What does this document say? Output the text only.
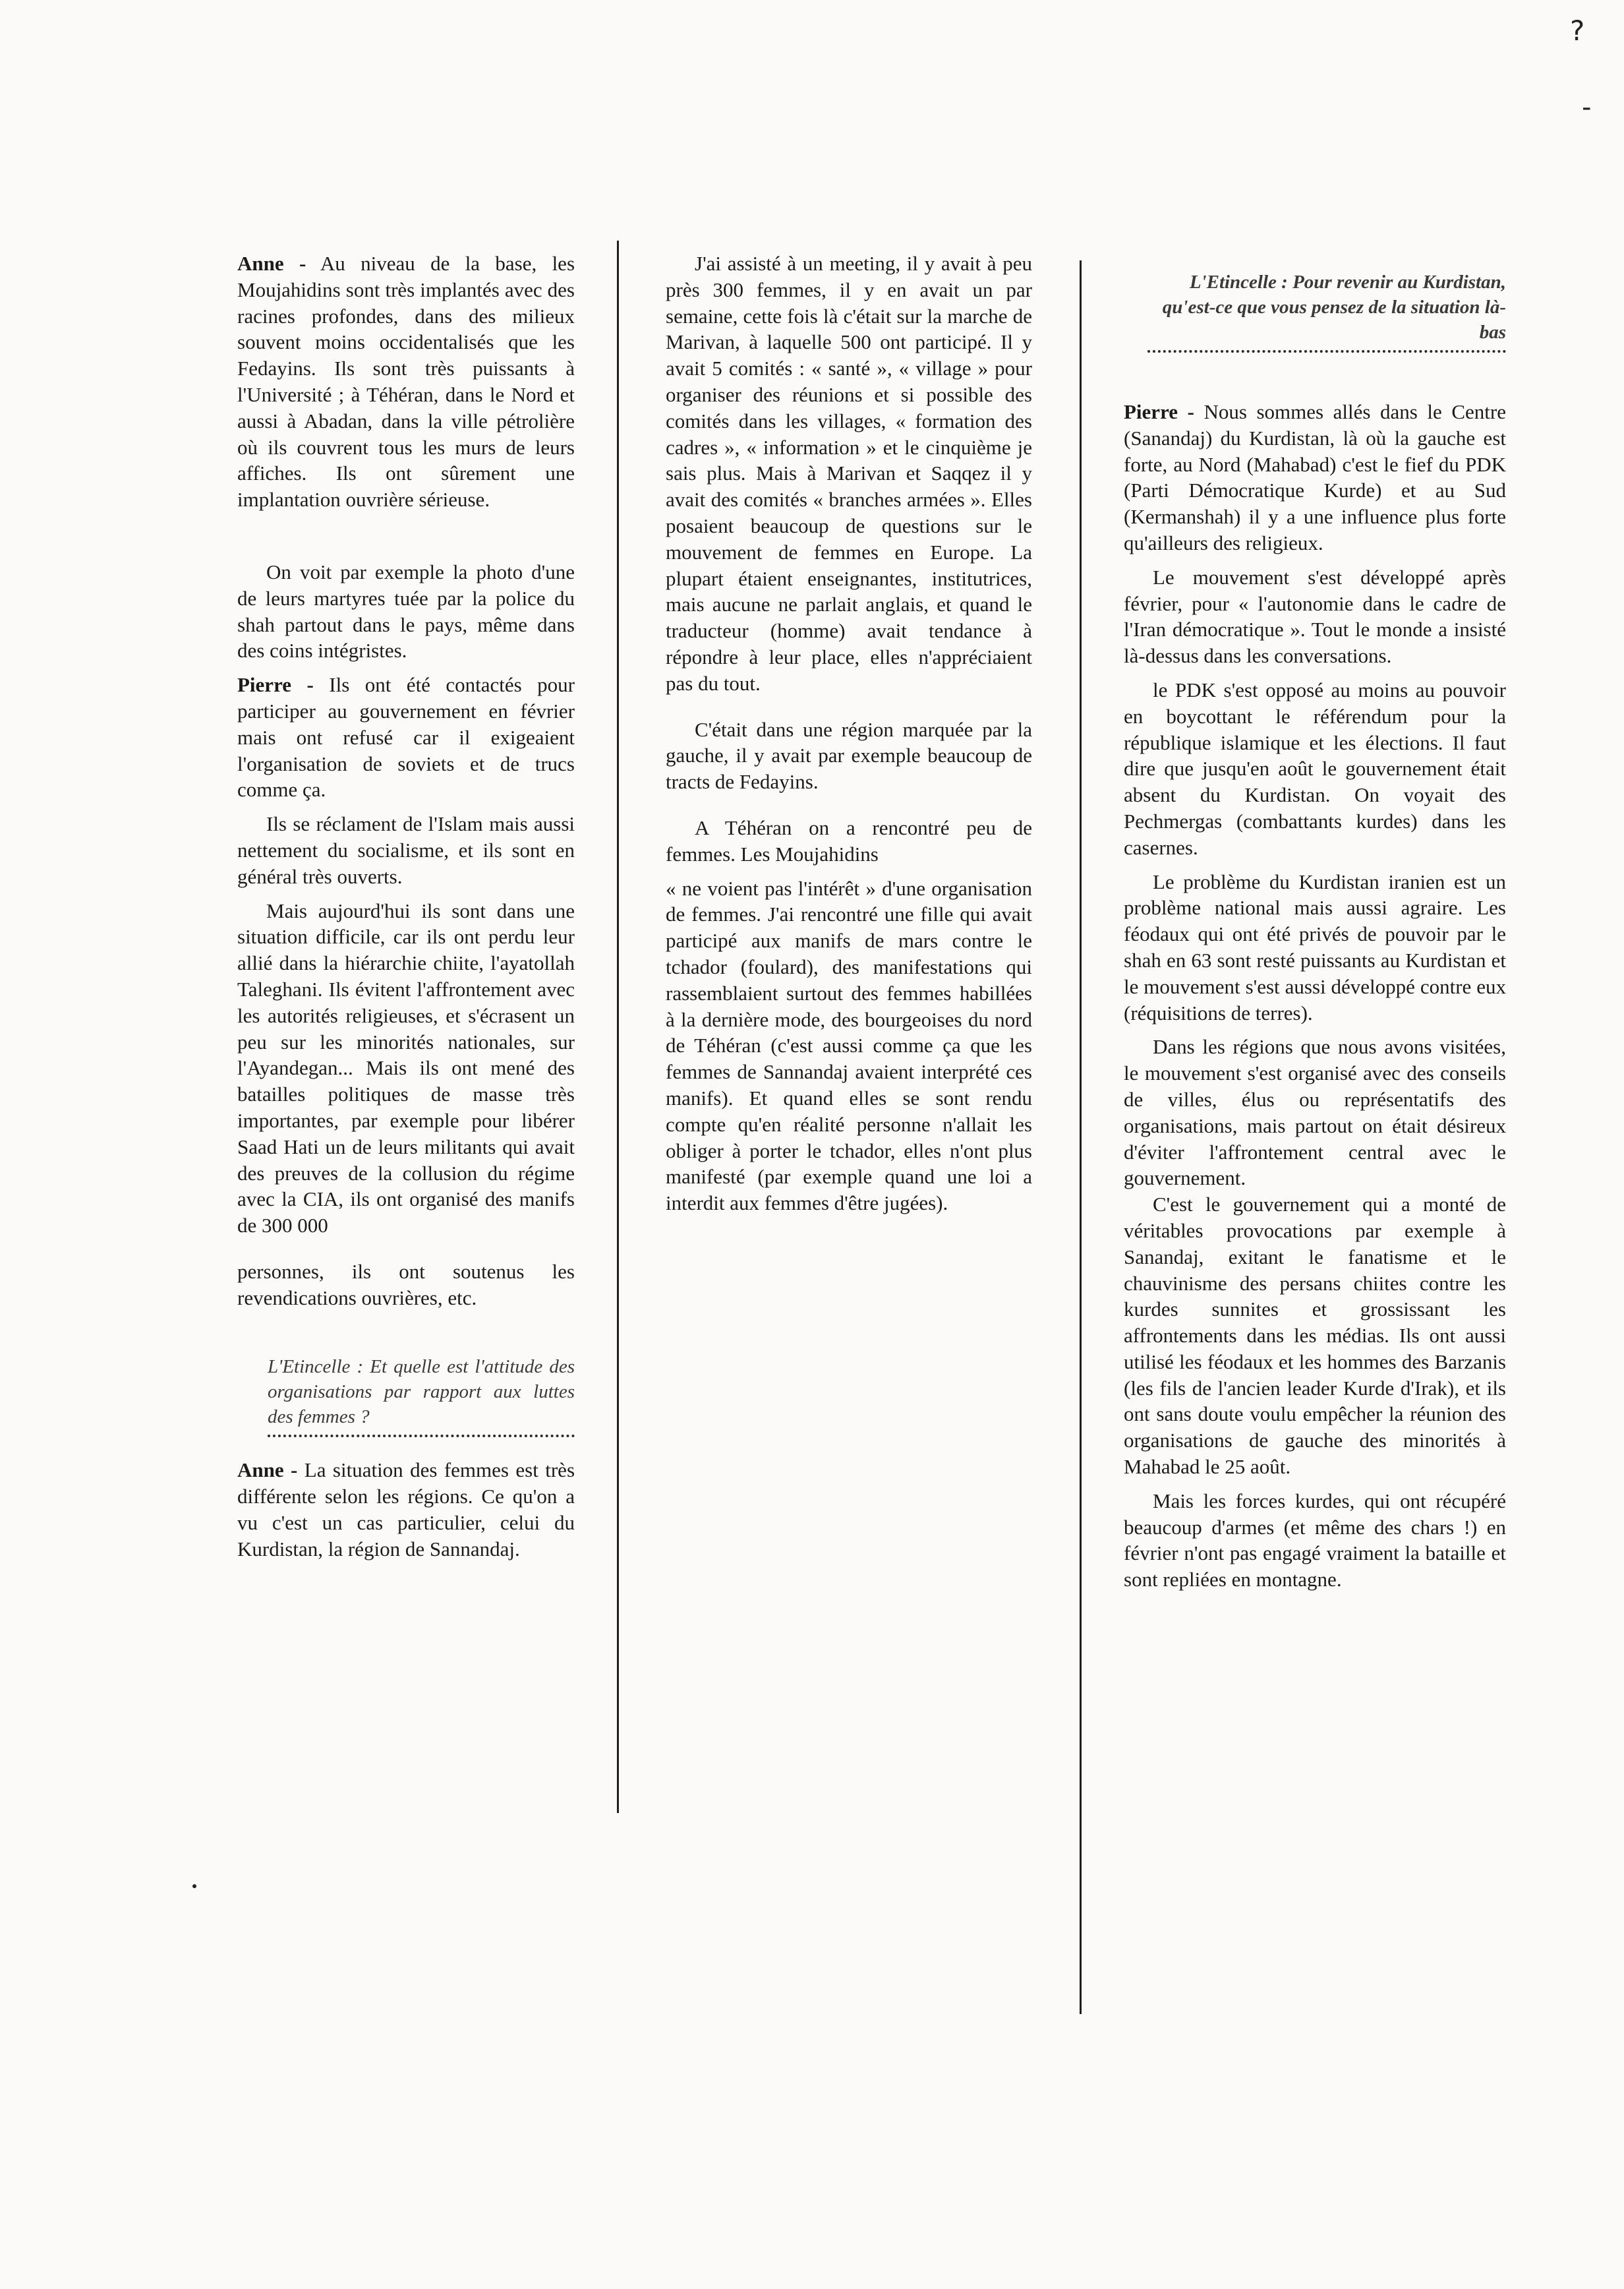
?
-

Anne - Au niveau de la base, les Moujahidins sont très implantés avec des racines profondes, dans des milieux souvent moins occidentalisés que les Fedayins. Ils sont très puissants à l'Université ; à Téhéran, dans le Nord et aussi à Abadan, dans la ville pétrolière où ils couvrent tous les murs de leurs affiches. Ils ont sûrement une implantation ouvrière sérieuse.

On voit par exemple la photo d'une de leurs martyres tuée par la police du shah partout dans le pays, même dans des coins intégristes.

Pierre - Ils ont été contactés pour participer au gouvernement en février mais ont refusé car il exigeaient l'organisation de soviets et de trucs comme ça.

Ils se réclament de l'Islam mais aussi nettement du socialisme, et ils sont en général très ouverts.

Mais aujourd'hui ils sont dans une situation difficile, car ils ont perdu leur allié dans la hiérarchie chiite, l'ayatollah Taleghani. Ils évitent l'affrontement avec les autorités religieuses, et s'écrasent un peu sur les minorités nationales, sur l'Ayandegan... Mais ils ont mené des batailles politiques de masse très importantes, par exemple pour libérer Saad Hati un de leurs militants qui avait des preuves de la collusion du régime avec la CIA, ils ont organisé des manifs de 300 000

personnes, ils ont soutenus les revendications ouvrières, etc.

L'Etincelle : Et quelle est l'attitude des organisations par rapport aux luttes des femmes ?

Anne - La situation des femmes est très différente selon les régions. Ce qu'on a vu c'est un cas particulier, celui du Kurdistan, la région de Sannandaj.

J'ai assisté à un meeting, il y avait à peu près 300 femmes, il y en avait un par semaine, cette fois là c'était sur la marche de Marivan, à laquelle 500 ont participé. Il y avait 5 comités : « santé », « village » pour organiser des réunions et si possible des comités dans les villages, « formation des cadres », « information » et le cinquième je sais plus. Mais à Marivan et Saqqez il y avait des comités « branches armées ». Elles posaient beaucoup de questions sur le mouvement de femmes en Europe. La plupart étaient enseignantes, institutrices, mais aucune ne parlait anglais, et quand le traducteur (homme) avait tendance à répondre à leur place, elles n'appréciaient pas du tout.

C'était dans une région marquée par la gauche, il y avait par exemple beaucoup de tracts de Fedayins.

A Téhéran on a rencontré peu de femmes. Les Moujahidins

« ne voient pas l'intérêt » d'une organisation de femmes. J'ai rencontré une fille qui avait participé aux manifs de mars contre le tchador (foulard), des manifestations qui rassemblaient surtout des femmes habillées à la dernière mode, des bourgeoises du nord de Téhéran (c'est aussi comme ça que les femmes de Sannandaj avaient interprété ces manifs). Et quand elles se sont rendu compte qu'en réalité personne n'allait les obliger à porter le tchador, elles n'ont plus manifesté (par exemple quand une loi a interdit aux femmes d'être jugées).

L'Etincelle : Pour revenir au Kurdistan, qu'est-ce que vous pensez de la situation là-bas

Pierre - Nous sommes allés dans le Centre (Sanandaj) du Kurdistan, là où la gauche est forte, au Nord (Mahabad) c'est le fief du PDK (Parti Démocratique Kurde) et au Sud (Kermanshah) il y a une influence plus forte qu'ailleurs des religieux.

Le mouvement s'est développé après février, pour « l'autonomie dans le cadre de l'Iran démocratique ». Tout le monde a insisté là-dessus dans les conversations.

le PDK s'est opposé au moins au pouvoir en boycottant le référendum pour la république islamique et les élections. Il faut dire que jusqu'en août le gouvernement était absent du Kurdistan. On voyait des Pechmergas (combattants kurdes) dans les casernes.

Le problème du Kurdistan iranien est un problème national mais aussi agraire. Les féodaux qui ont été privés de pouvoir par le shah en 63 sont resté puissants au Kurdistan et le mouvement s'est aussi développé contre eux (réquisitions de terres).

Dans les régions que nous avons visitées, le mouvement s'est organisé avec des conseils de villes, élus ou représentatifs des organisations, mais partout on était désireux d'éviter l'affrontement central avec le gouvernement.

C'est le gouvernement qui a monté de véritables provocations par exemple à Sanandaj, exitant le fanatisme et le chauvinisme des persans chiites contre les kurdes sunnites et grossissant les affrontements dans les médias. Ils ont aussi utilisé les féodaux et les hommes des Barzanis (les fils de l'ancien leader Kurde d'Irak), et ils ont sans doute voulu empêcher la réunion des organisations de gauche des minorités à Mahabad le 25 août.

Mais les forces kurdes, qui ont récupéré beaucoup d'armes (et même des chars !) en février n'ont pas engagé vraiment la bataille et sont repliées en montagne.
